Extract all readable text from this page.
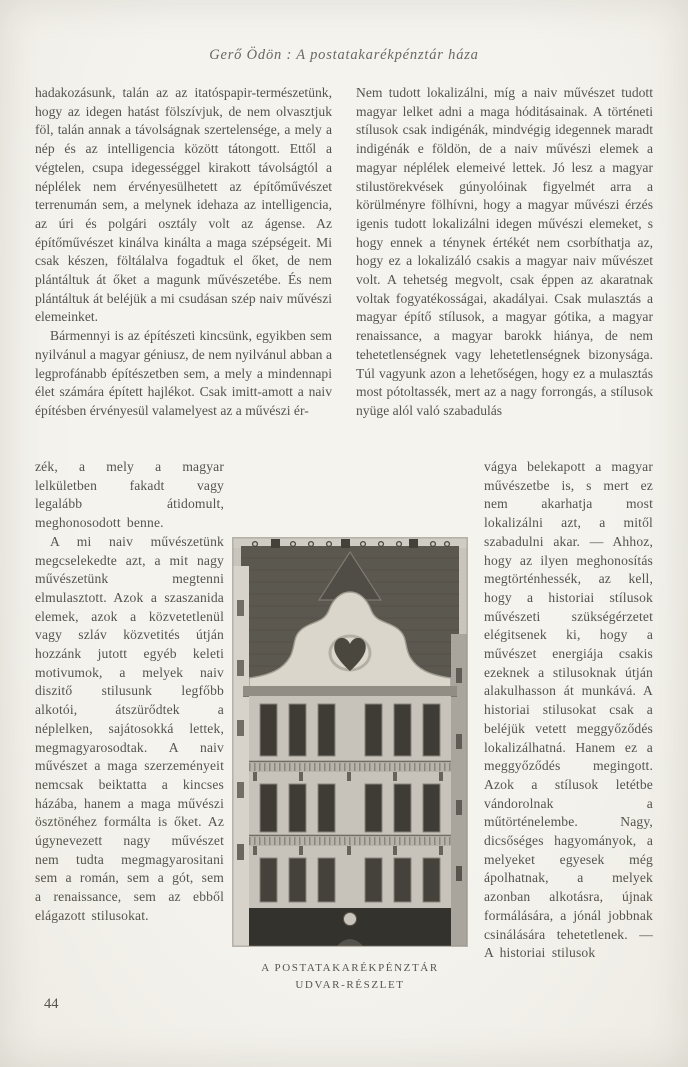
Gerő Ödön : A postatakarékpénztár háza

hadakozásunk, talán az az itatóspapir-természetünk, hogy az idegen hatást fölszívjuk, de nem olvasztjuk föl, talán annak a távolságnak szertelensége, a mely a nép és az intelligencia között tátongott. Ettől a végtelen, csupa idegességgel kirakott távolságtól a néplélek nem érvényesülhetett az építőművészet terrenumán sem, a melynek idehaza az intelligencia, az úri és polgári osztály volt az ágense. Az építőművészet kinálva kinálta a maga szépségeit. Mi csak készen, föltálalva fogadtuk el őket, de nem plántáltuk át őket a magunk művészetébe. És nem plántáltuk át beléjük a mi csudásan szép naiv művészi elemeinket.

Bármennyi is az építészeti kincsünk, egyikben sem nyilvánul a magyar géniusz, de nem nyilvánul abban a legprofánabb építészetben sem, a mely a mindennapi élet számára épített hajlékot. Csak imitt-amott a naiv építésben érvényesül valamelyest az a művészi ér-

Nem tudott lokalizálni, míg a naiv művészet tudott magyar lelket adni a maga hóditásainak. A történeti stílusok csak indigénák, mindvégig idegennek maradt indigénák e földön, de a naiv művészi elemek a magyar néplélek elemeivé lettek. Jó lesz a magyar stilustörekvések gúnyolóinak figyelmét arra a körülményre fölhívni, hogy a magyar művészi érzés igenis tudott lokalizálni idegen művészi elemeket, s hogy ennek a ténynek értékét nem csorbíthatja az, hogy ez a lokalizáló csakis a magyar naiv művészet volt. A tehetség megvolt, csak éppen az akaratnak voltak fogyatékosságai, akadályai. Csak mulasztás a magyar építő stílusok, a magyar gótika, a magyar renaissance, a magyar barokk hiánya, de nem tehetetlenségnek vagy lehetetlenségnek bizonysága. Túl vagyunk azon a lehetőségen, hogy ez a mulasztás most pótoltassék, mert az a nagy forrongás, a stílusok nyüge alól való szabadulás

zék, a mely a magyar lelkületben fakadt vagy legalább átidomult, meghonosodott benne.

A mi naiv művészetünk megcselekedte azt, a mit nagy művészetünk megtenni elmulasztott. Azok a szaszanida elemek, azok a közvetetlenül vagy szláv közvetités útján hozzánk jutott egyéb keleti motivumok, a melyek naiv diszitő stilusunk legfőbb alkotói, átszürődtek a néplelken, sajátosokká lettek, megmagyarosodtak. A naiv művészet a maga szerzeményeit nemcsak beiktatta a kincses házába, hanem a maga művészi ösztönéhez formálta is őket. Az úgynevezett nagy művészet nem tudta megmagyarositani sem a román, sem a gót, sem a renaissance, sem az ebből elágazott stilusokat.

vágya belekapott a magyar művészetbe is, s mert ez nem akarhatja most lokalizálni azt, a mitől szabadulni akar. — Ahhoz, hogy az ilyen meghonosítás megtörténhessék, az kell, hogy a historiai stílusok művészeti szükségérzetet elégitsenek ki, hogy a művészet energiája csakis ezeknek a stilusoknak útján alakulhasson át munkává. A historiai stilusokat csak a beléjük vetett meggyőződés lokalizálhatná. Hanem ez a meggyőződés megingott. Azok a stílusok letétbe vándorolnak a műtörténelembe. Nagy, dicsőséges hagyományok, a melyeket egyesek még ápolhatnak, a melyek azonban alkotásra, újnak formálására, a jónál jobbnak csinálására tehetetlenek. — A historiai stilusok

A POSTATAKARÉKPÉNZTÁR
UDVAR-RÉSZLET
44
